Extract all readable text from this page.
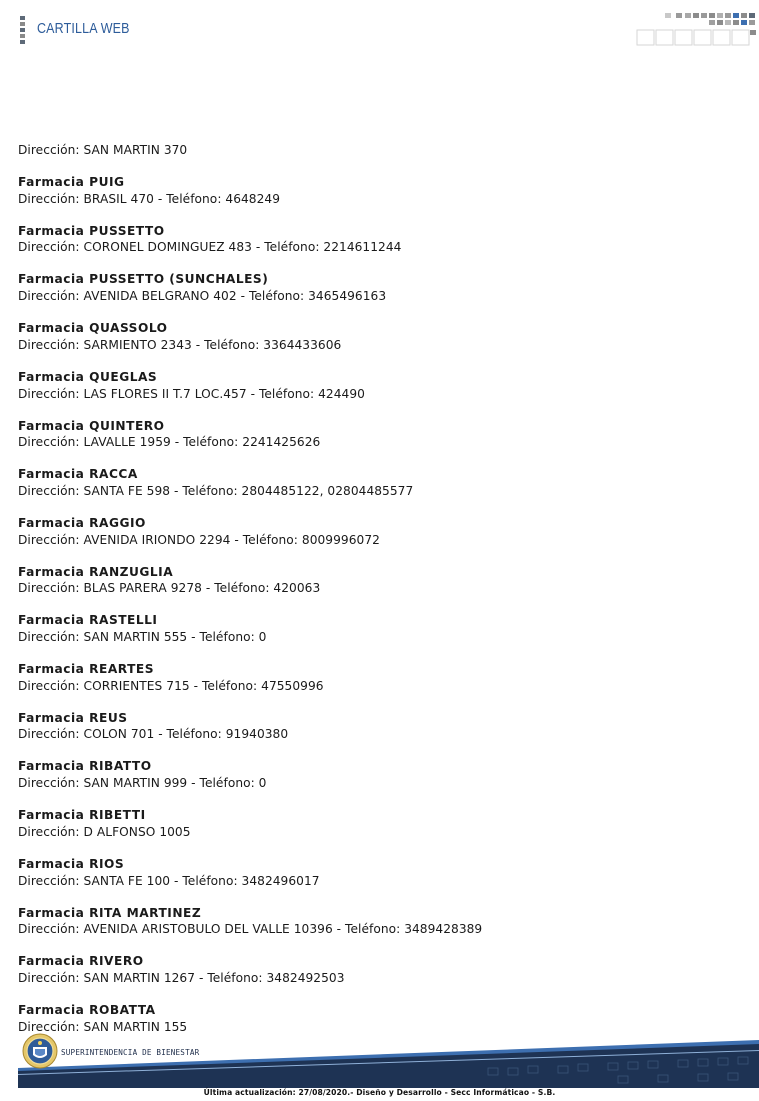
CARTILLA WEB
Dirección: SAN MARTIN 370
Farmacia PUIG
Dirección: BRASIL 470 - Teléfono: 4648249
Farmacia PUSSETTO
Dirección: CORONEL DOMINGUEZ 483 - Teléfono: 2214611244
Farmacia PUSSETTO (SUNCHALES)
Dirección: AVENIDA BELGRANO 402 - Teléfono: 3465496163
Farmacia QUASSOLO
Dirección: SARMIENTO 2343 - Teléfono: 3364433606
Farmacia QUEGLAS
Dirección: LAS FLORES II T.7 LOC.457 - Teléfono: 424490
Farmacia QUINTERO
Dirección: LAVALLE 1959 - Teléfono: 2241425626
Farmacia RACCA
Dirección: SANTA FE 598 - Teléfono: 2804485122, 02804485577
Farmacia RAGGIO
Dirección: AVENIDA IRIONDO 2294 - Teléfono: 8009996072
Farmacia RANZUGLIA
Dirección: BLAS PARERA 9278 - Teléfono: 420063
Farmacia RASTELLI
Dirección: SAN MARTIN 555 - Teléfono: 0
Farmacia REARTES
Dirección: CORRIENTES 715 - Teléfono: 47550996
Farmacia REUS
Dirección: COLON 701 - Teléfono: 91940380
Farmacia RIBATTO
Dirección: SAN MARTIN 999 - Teléfono: 0
Farmacia RIBETTI
Dirección: D ALFONSO 1005
Farmacia RIOS
Dirección: SANTA FE 100 - Teléfono: 3482496017
Farmacia RITA MARTINEZ
Dirección: AVENIDA ARISTOBULO DEL VALLE 10396 - Teléfono: 3489428389
Farmacia RIVERO
Dirección: SAN MARTIN 1267 - Teléfono: 3482492503
Farmacia ROBATTA
Dirección: SAN MARTIN 155
SUPERINTENDENCIA DE BIENESTAR
Última actualización: 27/08/2020.- Diseño y Desarrollo - Secc Informáticao - S.B.
